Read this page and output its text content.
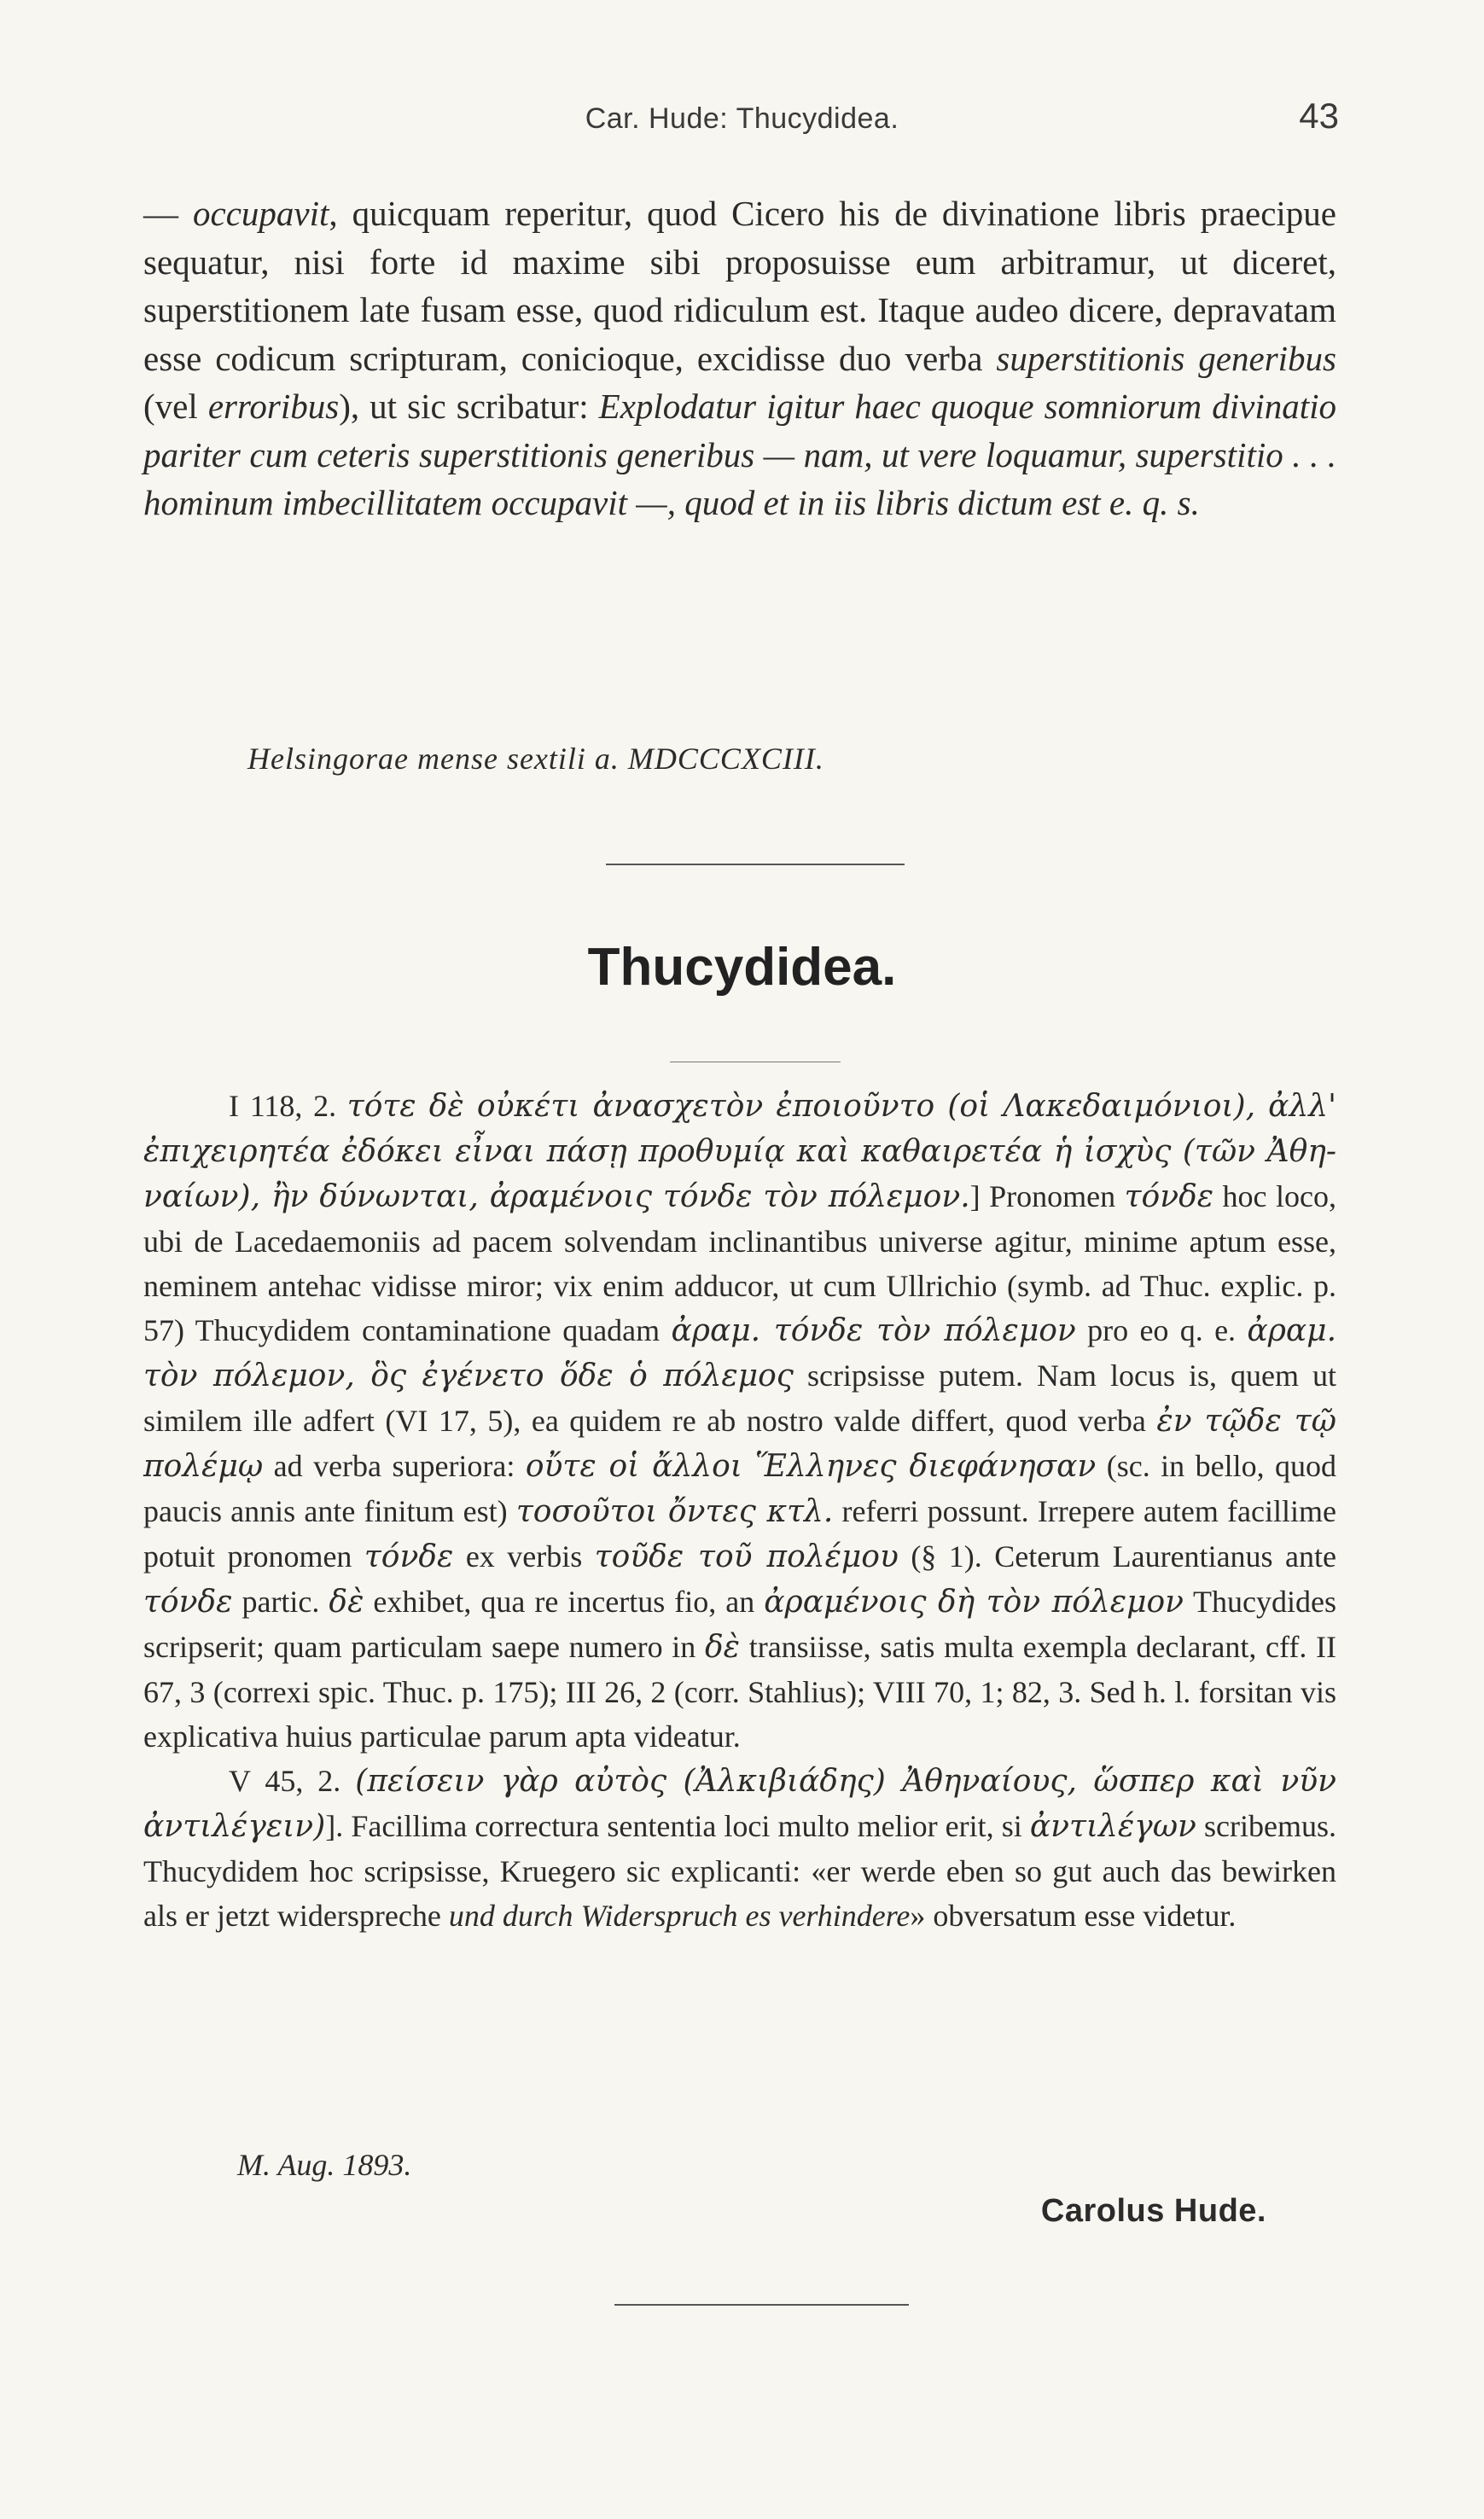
Car. Hude: Thucydidea.	43

— occupavit, quicquam reperitur, quod Cicero his de divinatione libris praecipue sequatur, nisi forte id maxime sibi proposuisse eum arbitramur, ut diceret, superstitionem late fusam esse, quod ridiculum est. Itaque audeo dicere, depravatam esse codicum scripturam, conicioque, excidisse duo verba superstitionis generibus (vel erroribus), ut sic scribatur: Explodatur igitur haec quoque somniorum divinatio pariter cum ceteris superstitionis generibus — nam, ut vere loquamur, superstitio . . . hominum imbecillitatem occupavit —, quod et in iis libris dictum est e. q. s.

Helsingorae mense sextili a. MDCCCXCIII.
Thucydidea.

I 118, 2. τότε δὲ οὐκέτι ἀνασχετὸν ἐποιοῦντο (οἱ Λακεδαιμόνιοι), ἀλλ' ἐπιχειρητέα ἐδόκει εἶναι πάσῃ προθυμίᾳ καὶ καθαιρετέα ἡ ἰσχὺς (τῶν Ἀθηναίων), ἢν δύνωνται, ἀραμένοις τόνδε τὸν πόλεμον.] Pronomen τόνδε hoc loco, ubi de Lacedaemoniis ad pacem solvendam inclinantibus universe agitur, minime aptum esse, neminem antehac vidisse miror; vix enim adducor, ut cum Ullrichio (symb. ad Thuc. explic. p. 57) Thucydidem contaminatione quadam ἀραμ. τόνδε τὸν πόλεμον pro eo q. e. ἀραμ. τὸν πόλεμον, ὃς ἐγένετο ὅδε ὁ πόλεμος scripsisse putem. Nam locus is, quem ut similem ille adfert (VI 17, 5), ea quidem re ab nostro valde differt, quod verba ἐν τῷδε τῷ πολέμῳ ad verba superiora: οὔτε οἱ ἄλλοι Ἕλληνες διεφάνησαν (sc. in bello, quod paucis annis ante finitum est) τοσοῦτοι ὄντες κτλ. referri possunt. Irrepere autem facillime potuit pronomen τόνδε ex verbis τοῦδε τοῦ πολέμου (§ 1). Ceterum Laurentianus ante τόνδε partic. δὲ exhibet, qua re incertus fio, an ἀραμένοις δὴ τὸν πόλεμον Thucydides scripserit; quam particulam saepe numero in δὲ transiisse, satis multa exempla declarant, cff. II 67, 3 (correxi spic. Thuc. p. 175); III 26, 2 (corr. Stahlius); VIII 70, 1; 82, 3. Sed h. l. forsitan vis explicativa huius particulae parum apta videatur.

V 45, 2. (πείσειν γὰρ αὐτὸς (Ἀλκιβιάδης) Ἀθηναίους, ὥσπερ καὶ νῦν ἀντιλέγειν)]. Facillima correctura sententia loci multo melior erit, si ἀντιλέγων scribemus. Thucydidem hoc scripsisse, Kruegero sic explicanti: «er werde eben so gut auch das bewirken als er jetzt widerspreche und durch Widerspruch es verhindere» obversatum esse videtur.

M. Aug. 1893.
Carolus Hude.
